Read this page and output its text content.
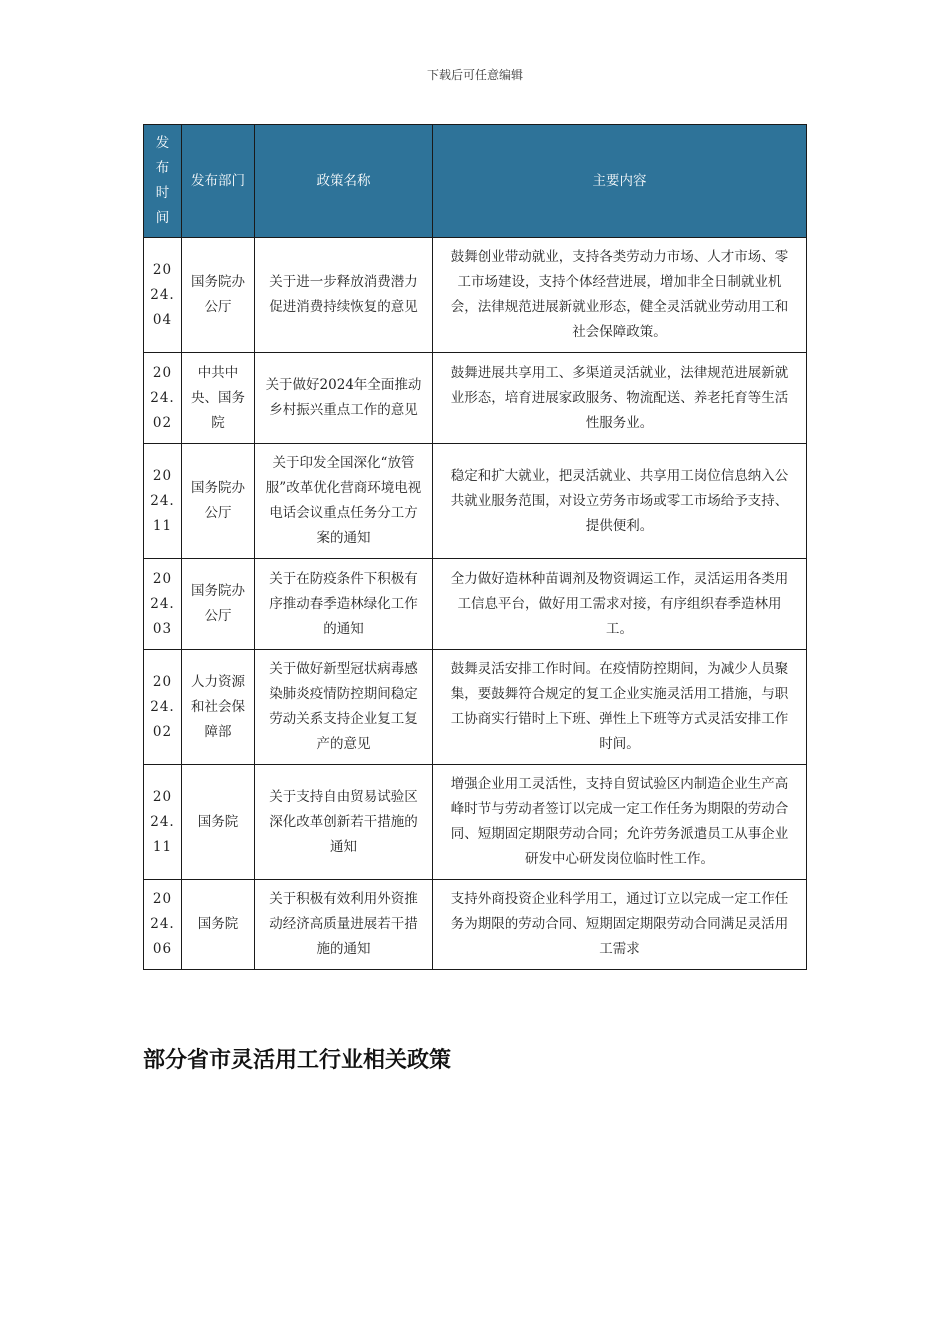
下载后可任意编辑
发布时间	发布部门	政策名称	主要内容
2024.04	国务院办公厅	关于进一步释放消费潜力促进消费持续恢复的意见	鼓舞创业带动就业，支持各类劳动力市场、人才市场、零工市场建设，支持个体经营进展，增加非全日制就业机会，法律规范进展新就业形态，健全灵活就业劳动用工和社会保障政策。
2024.02	中共中央、国务院	关于做好2024年全面推动乡村振兴重点工作的意见	鼓舞进展共享用工、多渠道灵活就业，法律规范进展新就业形态，培育进展家政服务、物流配送、养老托育等生活性服务业。
2024.11	国务院办公厅	关于印发全国深化“放管服”改革优化营商环境电视电话会议重点任务分工方案的通知	稳定和扩大就业，把灵活就业、共享用工岗位信息纳入公共就业服务范围，对设立劳务市场或零工市场给予支持、提供便利。
2024.03	国务院办公厅	关于在防疫条件下积极有序推动春季造林绿化工作的通知	全力做好造林种苗调剂及物资调运工作，灵活运用各类用工信息平台，做好用工需求对接，有序组织春季造林用工。
2024.02	人力资源和社会保障部	关于做好新型冠状病毒感染肺炎疫情防控期间稳定劳动关系支持企业复工复产的意见	鼓舞灵活安排工作时间。在疫情防控期间，为减少人员聚集，要鼓舞符合规定的复工企业实施灵活用工措施，与职工协商实行错时上下班、弹性上下班等方式灵活安排工作时间。
2024.11	国务院	关于支持自由贸易试验区深化改革创新若干措施的通知	增强企业用工灵活性，支持自贸试验区内制造企业生产高峰时节与劳动者签订以完成一定工作任务为期限的劳动合同、短期固定期限劳动合同；允许劳务派遣员工从事企业研发中心研发岗位临时性工作。
2024.06	国务院	关于积极有效利用外资推动经济高质量进展若干措施的通知	支持外商投资企业科学用工，通过订立以完成一定工作任务为期限的劳动合同、短期固定期限劳动合同满足灵活用工需求
部分省市灵活用工行业相关政策
